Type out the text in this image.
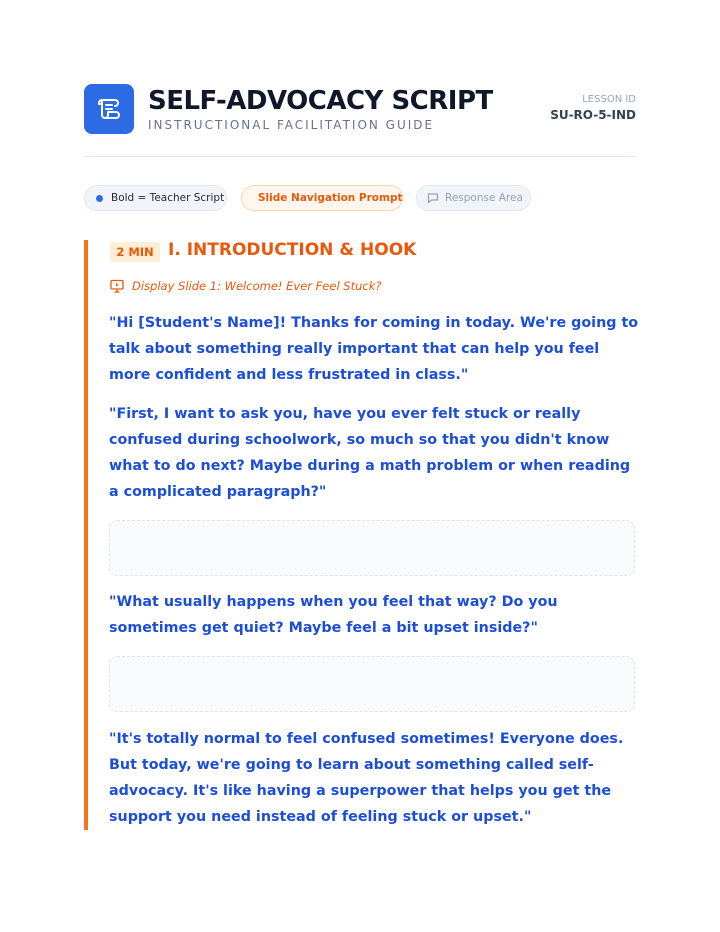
SELF-ADVOCACY SCRIPT
INSTRUCTIONAL FACILITATION GUIDE
LESSON ID
SU-RO-5-IND
Bold = Teacher Script	Slide Navigation Prompt	Response Area
2 MIN I. INTRODUCTION & HOOK
Display Slide 1: Welcome! Ever Feel Stuck?

"Hi [Student's Name]! Thanks for coming in today. We're going to talk about something really important that can help you feel more confident and less frustrated in class."

"First, I want to ask you, have you ever felt stuck or really confused during schoolwork, so much so that you didn't know what to do next? Maybe during a math problem or when reading a complicated paragraph?"

"What usually happens when you feel that way? Do you sometimes get quiet? Maybe feel a bit upset inside?"

"It's totally normal to feel confused sometimes! Everyone does. But today, we're going to learn about something called self-advocacy. It's like having a superpower that helps you get the support you need instead of feeling stuck or upset."
